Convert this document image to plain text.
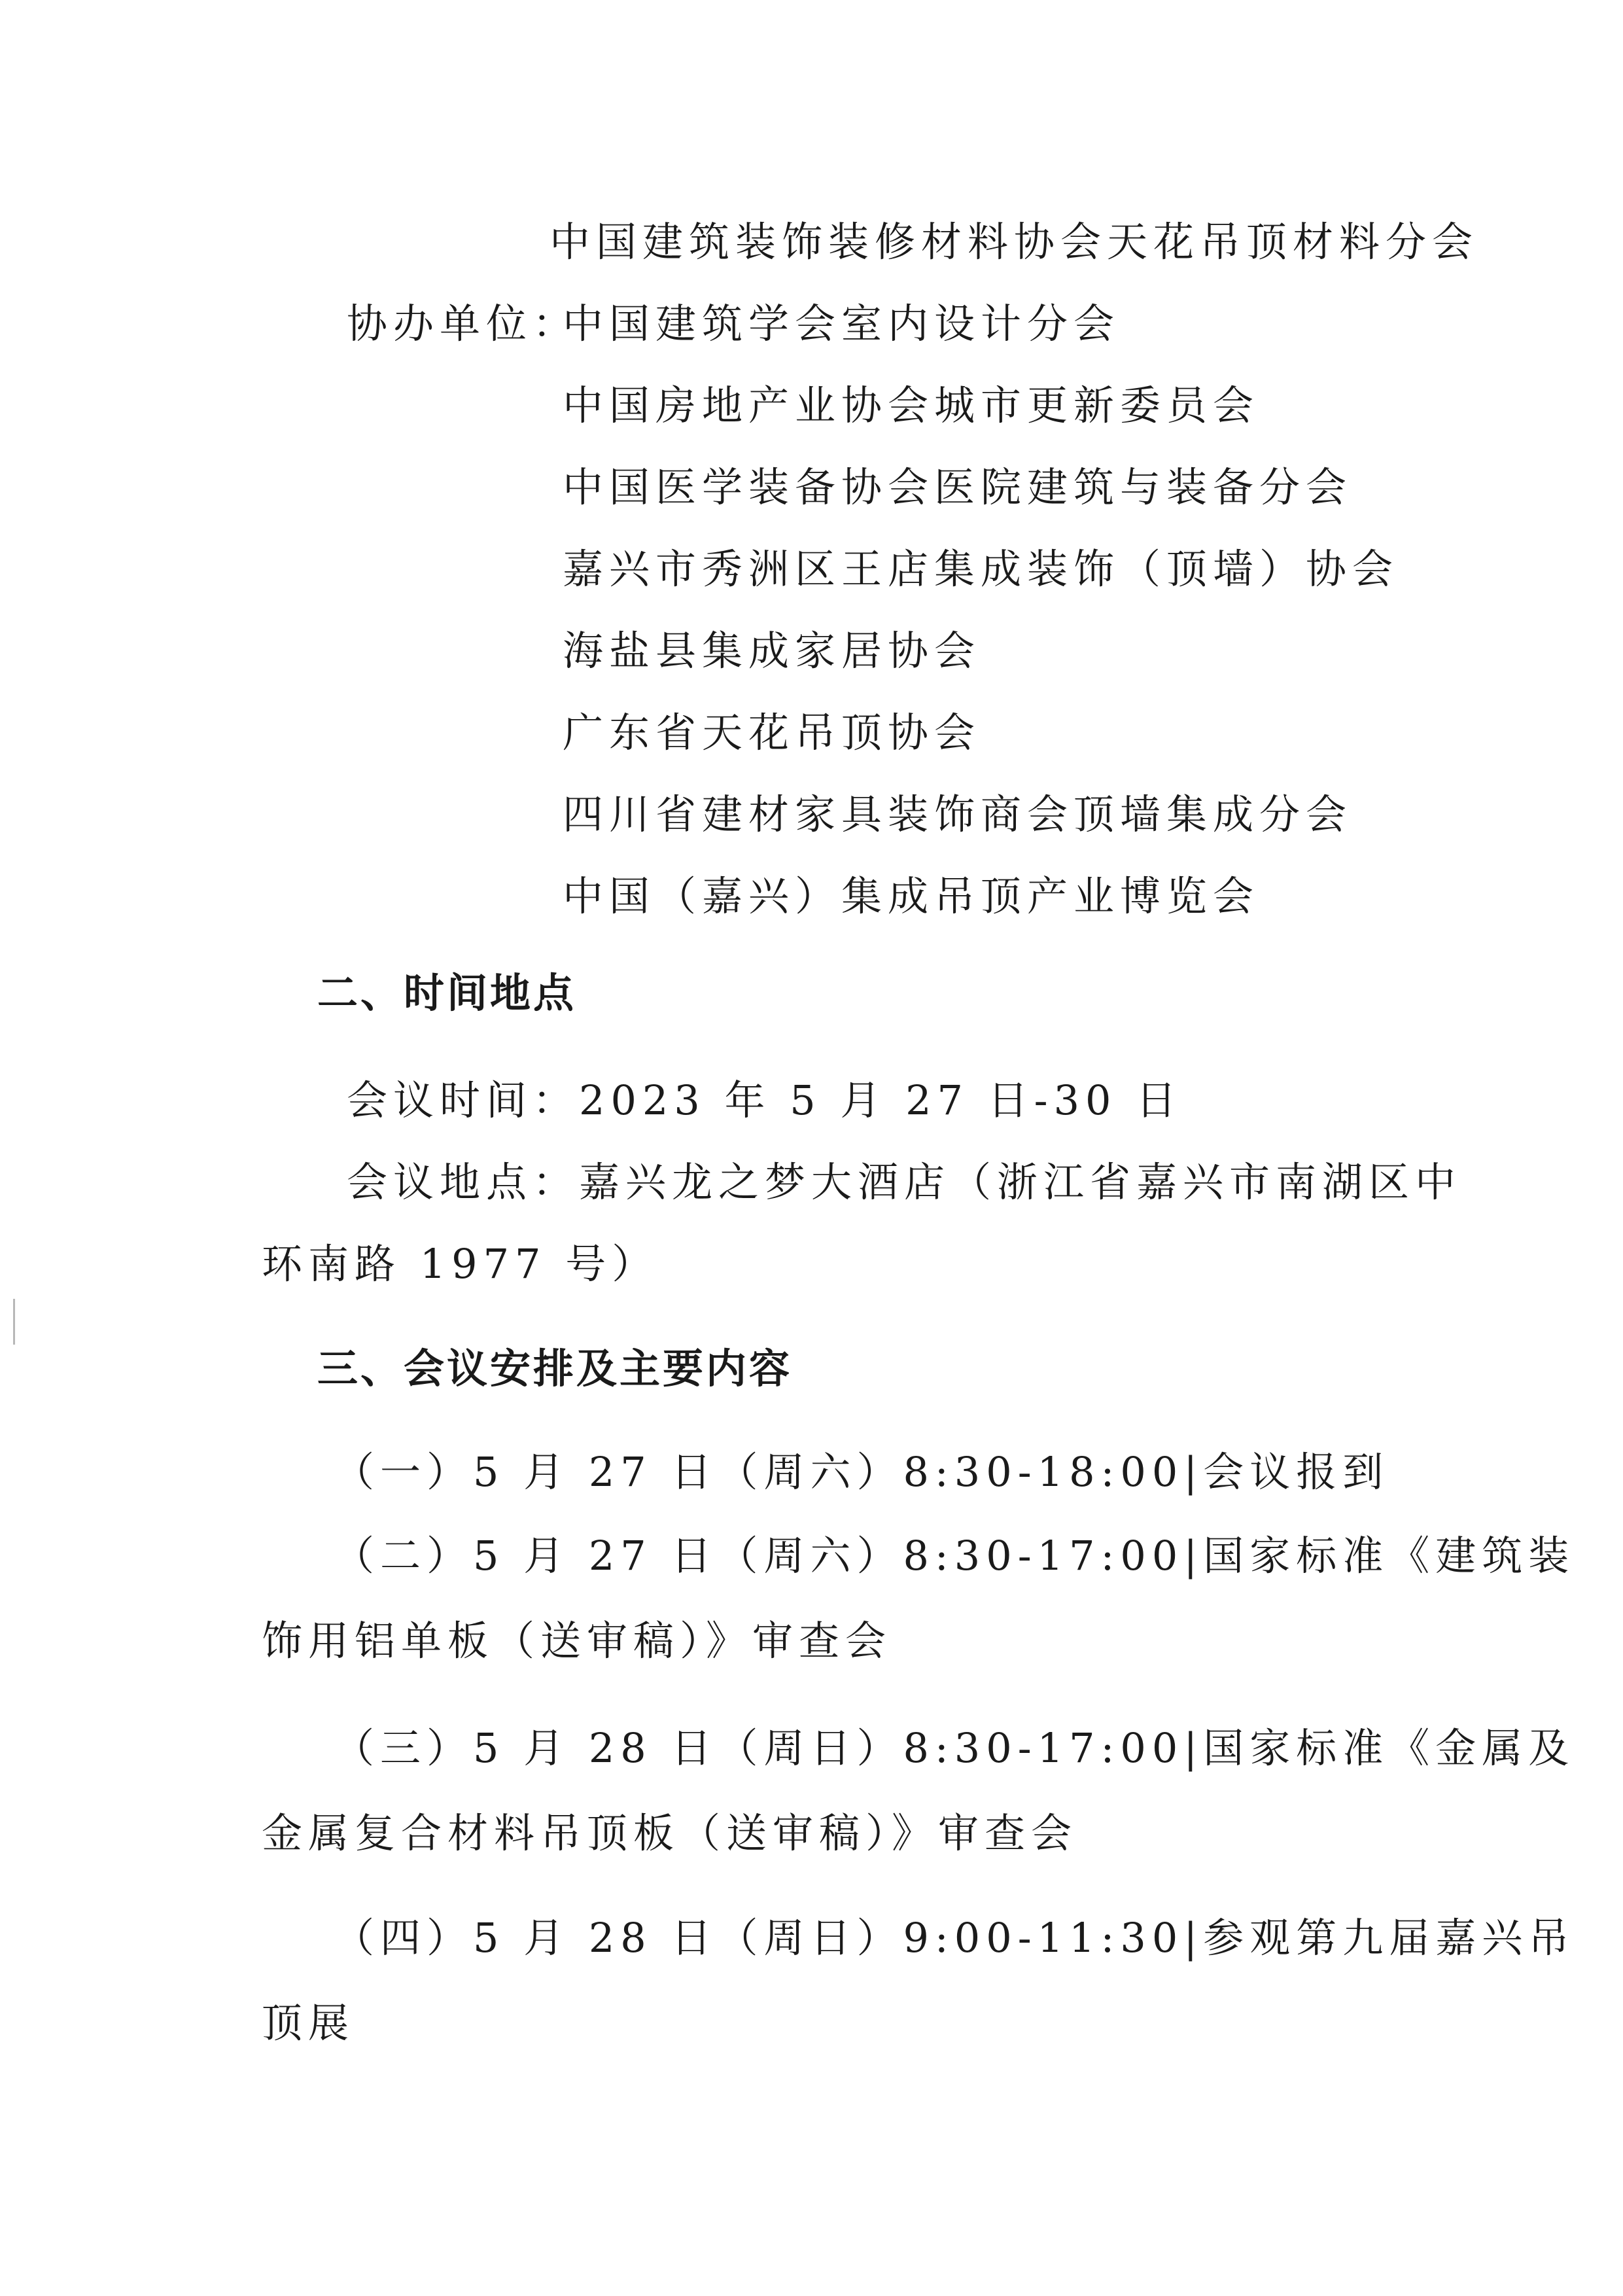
中国建筑装饰装修材料协会天花吊顶材料分会
协办单位：
中国建筑学会室内设计分会
中国房地产业协会城市更新委员会
中国医学装备协会医院建筑与装备分会
嘉兴市秀洲区王店集成装饰（顶墙）协会
海盐县集成家居协会
广东省天花吊顶协会
四川省建材家具装饰商会顶墙集成分会
中国（嘉兴）集成吊顶产业博览会
二、时间地点
会议时间：2023 年 5 月 27 日-30 日
会议地点：嘉兴龙之梦大酒店（浙江省嘉兴市南湖区中
环南路 1977 号）
三、会议安排及主要内容
（一）5 月 27 日（周六）8:30-18:00|会议报到
（二）5 月 27 日（周六）8:30-17:00|国家标准《建筑装
饰用铝单板（送审稿）》审查会
（三）5 月 28 日（周日）8:30-17:00|国家标准《金属及
金属复合材料吊顶板（送审稿）》审查会
（四）5 月 28 日（周日）9:00-11:30|参观第九届嘉兴吊
顶展
